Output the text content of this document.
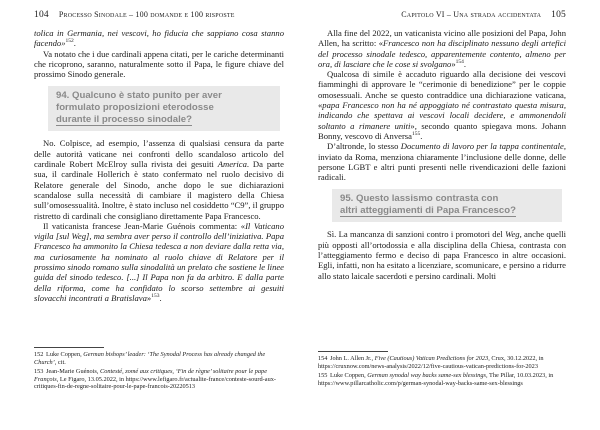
104 Processo Sinodale – 100 domande e 100 risposte

tolica in Germania, nei vescovi, ho fiducia che sappiano cosa stanno facendo»$^{152}$.

Va notato che i due cardinali appena citati, per le cariche determinanti che ricoprono, saranno, naturalmente sotto il Papa, le figure chiave del prossimo Sinodo generale.

94. Qualcuno è stato punito per aver
formulato proposizioni eterodosse
durante il processo sinodale?

No. Colpisce, ad esempio, l’assenza di qualsiasi censura da parte delle autorità vaticane nei confronti dello scandaloso articolo del cardinale Robert McElroy sulla rivista dei gesuiti America. Da parte sua, il cardinale Hollerich è stato confermato nel ruolo decisivo di Relatore generale del Sinodo, anche dopo le sue dichiarazioni scandalose sulla necessità di cambiare il magistero della Chiesa sull’omosessualità. Inoltre, è stato incluso nel cosiddetto “C9”, il gruppo ristretto di cardinali che consigliano direttamente Papa Francesco.

Il vaticanista francese Jean-Marie Guénois commenta: «Il Vaticano vigila [sul Weg], ma sembra aver perso il controllo dell’iniziativa. Papa Francesco ha ammonito la Chiesa tedesca a non deviare dalla retta via, ma curiosamente ha nominato al ruolo chiave di Relatore per il prossimo sinodo romano sulla sinodalità un prelato che sostiene le linee guida del sinodo tedesco. [...] Il Papa non fa da arbitro. E dalla parte della riforma, come ha confidato lo scorso settembre ai gesuiti slovacchi incontrati a Bratislava»$^{153}$.

152 Luke Coppen, German bishops’ leader: ‘The Synodal Process has already changed the Church’, cit.

153 Jean-Marie Guénois, Contesté, zomé aux critiques, ‘Fin de règne’ solitaire pour le pape François, Le Figaro, 13.05.2022, in https://www.lefigaro.fr/actualite-france/conteste-sourd-aux-critiques-fin-de-regne-solitaire-pour-le-pape-francois-20220513

Capitolo VI – Una strada accidentata 105

Alla fine del 2022, un vaticanista vicino alle posizioni del Papa, John Allen, ha scritto: «Francesco non ha disciplinato nessuno degli artefici del processo sinodale tedesco, apparentemente contento, almeno per ora, di lasciare che le cose si svolgano»$^{154}$.

Qualcosa di simile è accaduto riguardo alla decisione dei vescovi fiamminghi di approvare le “cerimonie di benedizione” per le coppie omosessuali. Anche se questo contraddice una dichiarazione vaticana, «papa Francesco non ha né appoggiato né contrastato questa misura, indicando che spettava ai vescovi locali decidere, e ammonendoli soltanto a rimanere uniti», secondo quanto spiegava mons. Johann Bonny, vescovo di Anversa$^{155}$.

D’altronde, lo stesso Documento di lavoro per la tappa continentale, inviato da Roma, menziona chiaramente l’inclusione delle donne, delle persone LGBT e altri punti presenti nelle rivendicazioni delle fazioni radicali.

95. Questo lassismo contrasta con
altri atteggiamenti di Papa Francesco?

Sì. La mancanza di sanzioni contro i promotori del Weg, anche quelli più opposti all’ortodossia e alla disciplina della Chiesa, contrasta con l’atteggiamento fermo e deciso di papa Francesco in altre occasioni. Egli, infatti, non ha esitato a licenziare, scomunicare, e persino a ridurre allo stato laicale sacerdoti e persino cardinali. Molti

154 John L. Allen Jr., Five (Cautious) Vatican Predictions for 2023, Crux, 30.12.2022, in https://cruxnow.com/news-analysis/2022/12/five-cautious-vatican-predictions-for-2023

155 Luke Coppen, German synodal way backs same-sex blessings, The Pillar, 10.03.2023, in https://www.pillarcatholic.com/p/german-synodal-way-backs-same-sex-blessings
